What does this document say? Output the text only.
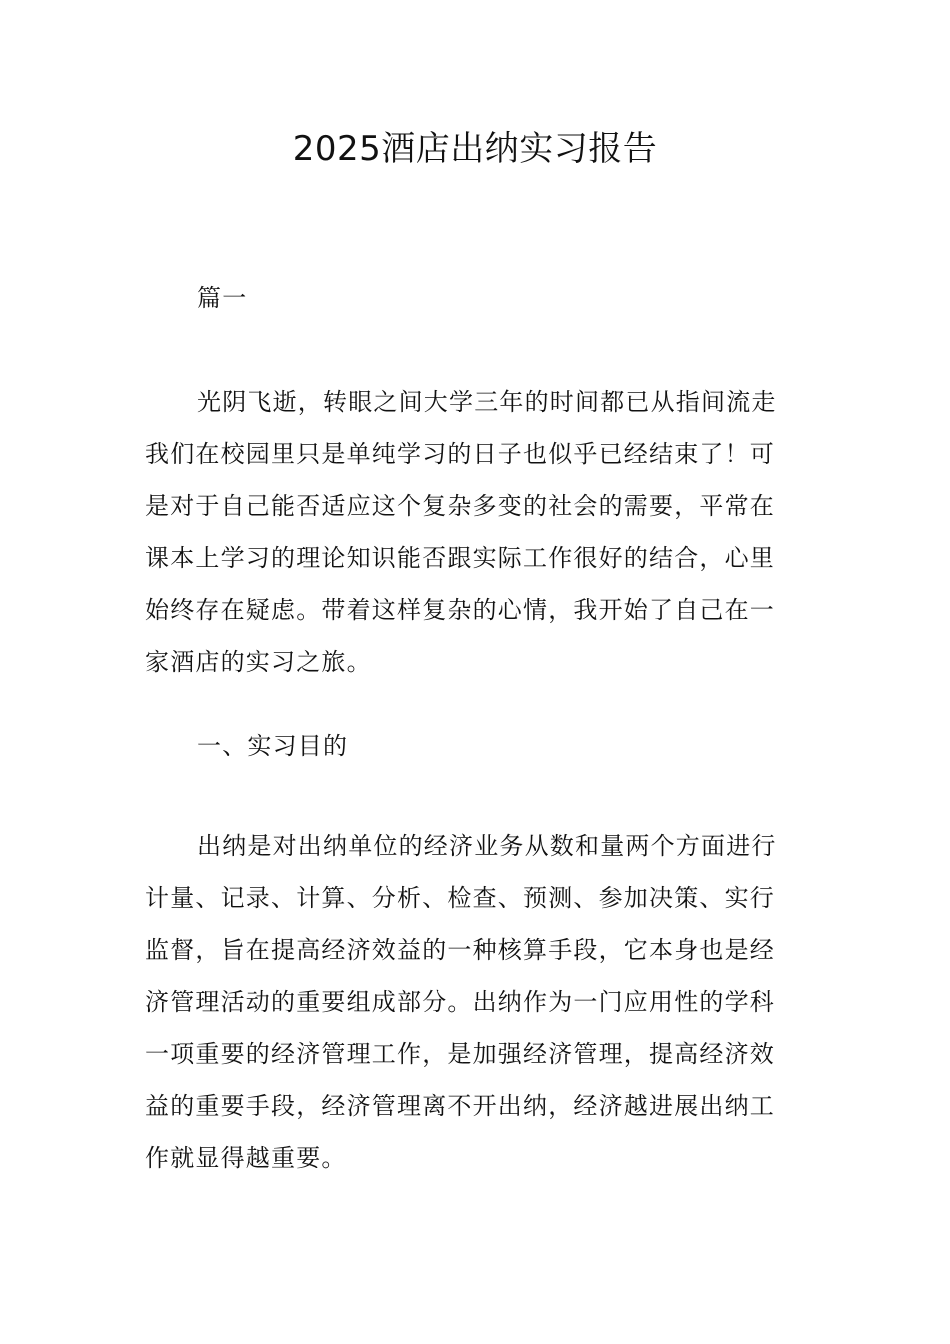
2025酒店出纳实习报告
篇一
光阴飞逝，转眼之间大学三年的时间都已从指间流走
我们在校园里只是单纯学习的日子也似乎已经结束了！可
是对于自己能否适应这个复杂多变的社会的需要，平常在
课本上学习的理论知识能否跟实际工作很好的结合，心里
始终存在疑虑。带着这样复杂的心情，我开始了自己在一
家酒店的实习之旅。
一、实习目的
出纳是对出纳单位的经济业务从数和量两个方面进行
计量、记录、计算、分析、检查、预测、参加决策、实行
监督，旨在提高经济效益的一种核算手段，它本身也是经
济管理活动的重要组成部分。出纳作为一门应用性的学科
一项重要的经济管理工作，是加强经济管理，提高经济效
益的重要手段，经济管理离不开出纳，经济越进展出纳工
作就显得越重要。
